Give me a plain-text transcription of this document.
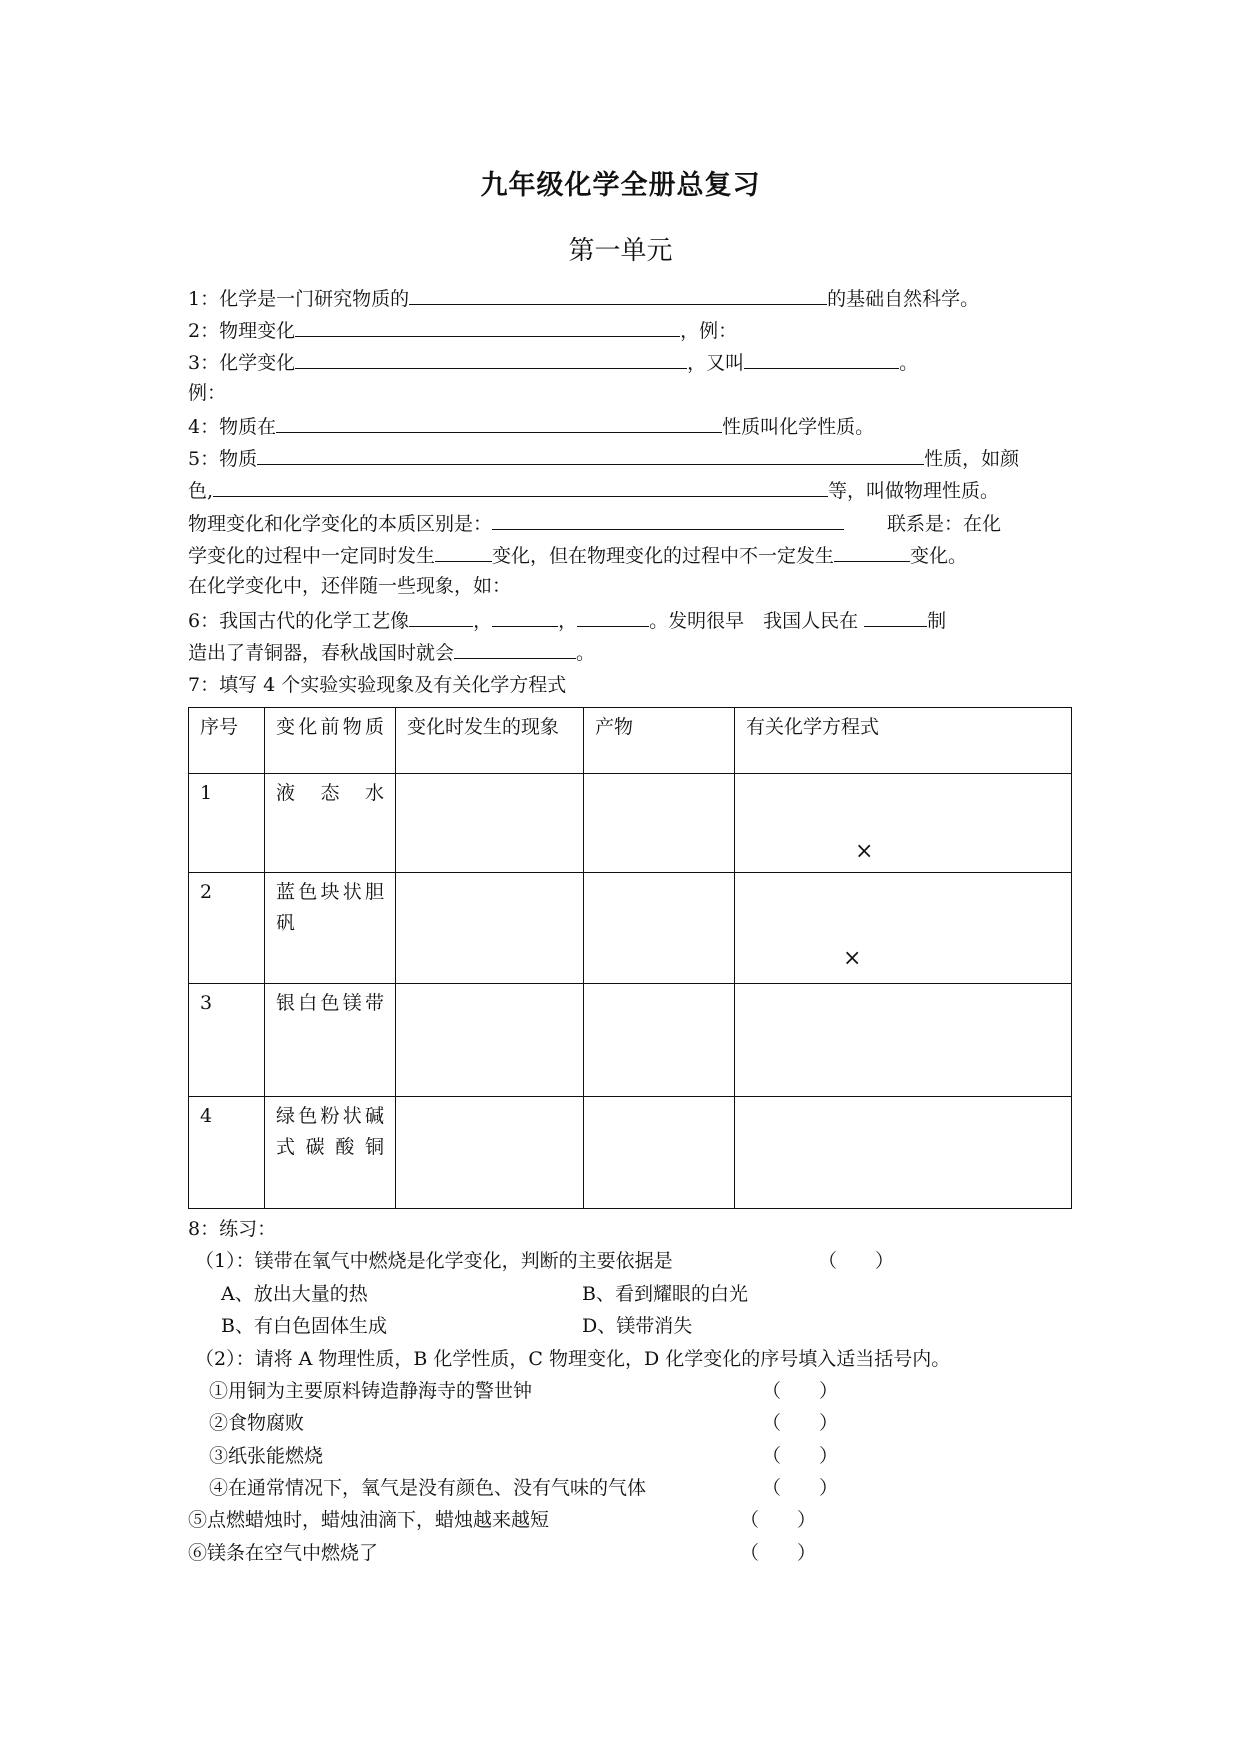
九年级化学全册总复习
第一单元
1：化学是一门研究物质的	的基础自然科学。
2：物理变化	，例：
3：化学变化	，又叫	。
例：
4：物质在	性质叫化学性质。
5：物质	性质，如颜
色,	等，叫做物理性质。
物理变化和化学变化的本质区别是：	联系是：在化
学变化的过程中一定同时发生	变化，但在物理变化的过程中不一定发生	变化。
在化学变化中，还伴随一些现象，如：
6：我国古代的化学工艺像	，	，	。发明很早　我国人民在	制
造出了青铜器，春秋战国时就会	。
7：填写 4 个实验实验现象及有关化学方程式
序号	变化前物质	变化时发生的现象	产物	有关化学方程式
1	液态水			×

2	蓝色块状胆矾			×

3	银白色镁带			
4	绿色粉状碱式碳酸铜			
8：练习：
（1）：镁带在氧气中燃烧是化学变化，判断的主要依据是	（　　）
A、放出大量的热	B、看到耀眼的白光
B、有白色固体生成	D、镁带消失
（2）：请将 A 物理性质，B 化学性质，C 物理变化，D 化学变化的序号填入适当括号内。
①用铜为主要原料铸造静海寺的警世钟	（　　）
②食物腐败	（　　）
③纸张能燃烧	（　　）
④在通常情况下，氧气是没有颜色、没有气味的气体	（　　）
⑤点燃蜡烛时，蜡烛油滴下，蜡烛越来越短	（　　）
⑥镁条在空气中燃烧了	（　　）
